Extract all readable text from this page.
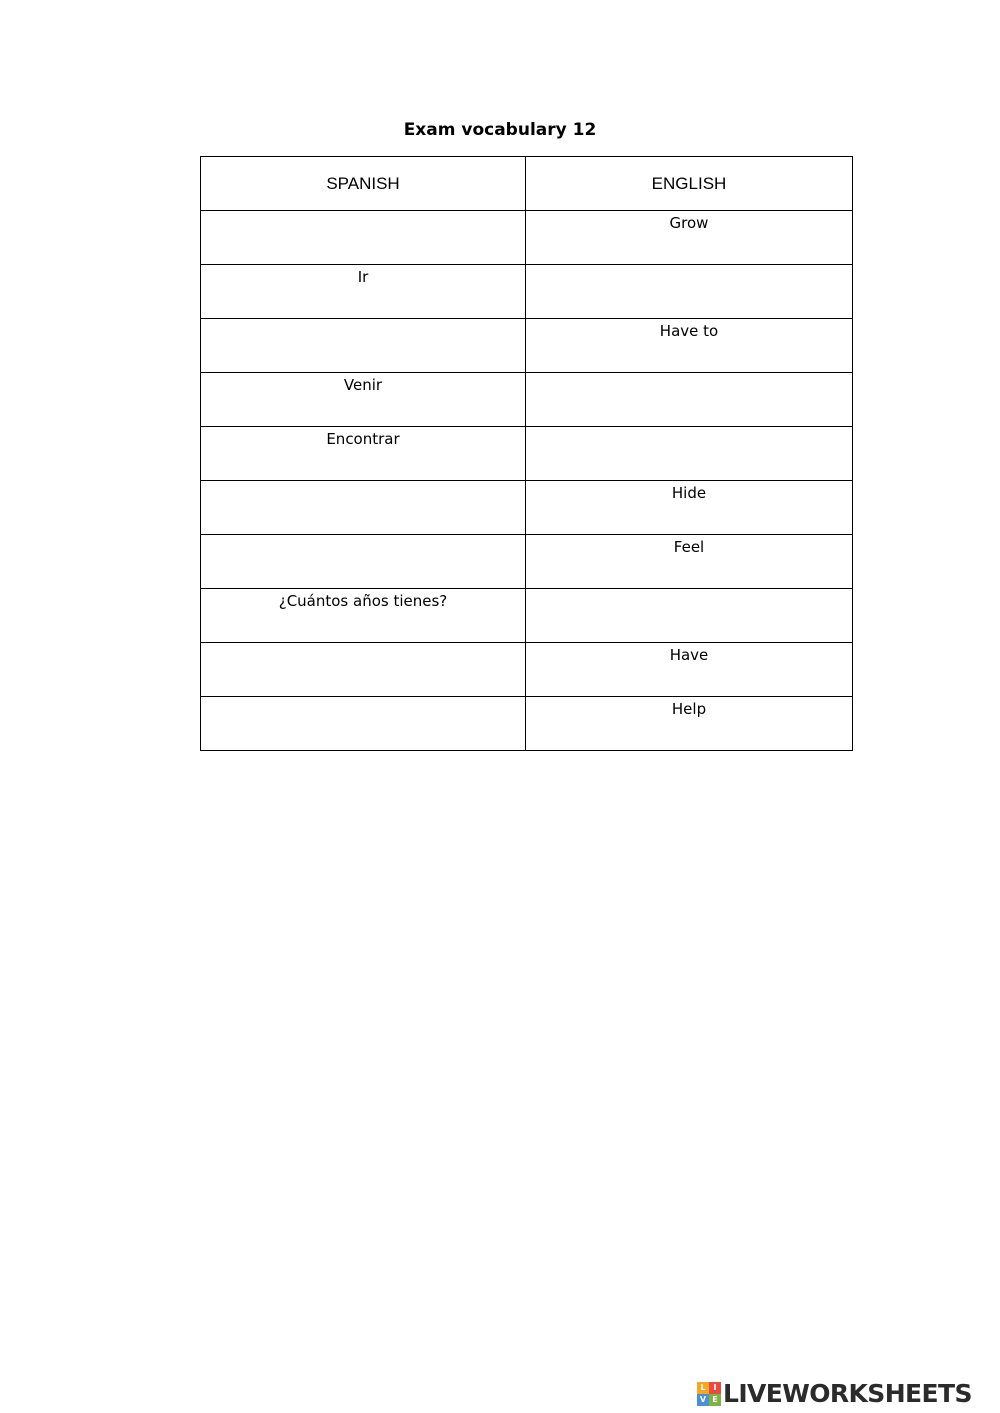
Exam vocabulary 12
SPANISH	ENGLISH

	Grow

Ir	

	Have to

Venir	

Encontrar	

	Hide

	Feel

¿Cuántos años tienes?	

	Have

	Help
L I
V E LIVEWORKSHEETS
